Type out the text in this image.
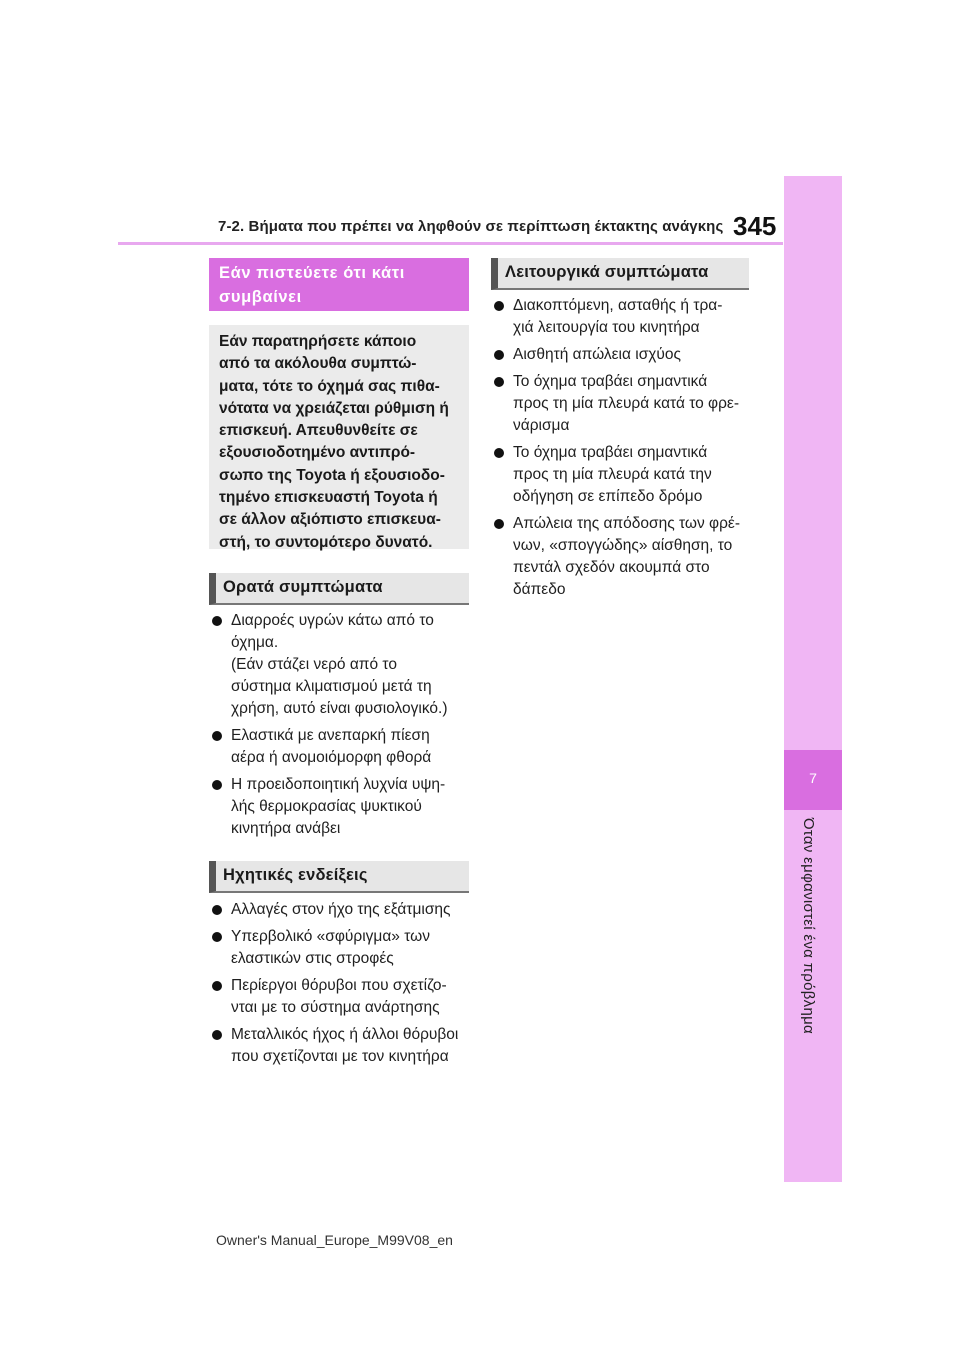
7-2. Βήματα που πρέπει να ληφθούν σε περίπτωση έκτακτης ανάγκης 345
7
Όταν εμφανιστεί ένα πρόβλημα
Εάν πιστεύετε ότι κάτι
συμβαίνει
Εάν παρατηρήσετε κάποιο
από τα ακόλουθα συμπτώ-
ματα, τότε το όχημά σας πιθα-
νότατα να χρειάζεται ρύθμιση ή
επισκευή. Απευθυνθείτε σε
εξουσιοδοτημένο αντιπρό-
σωπο της Toyota ή εξουσιοδο-
τημένο επισκευαστή Toyota ή
σε άλλον αξιόπιστο επισκευα-
στή, το συντομότερο δυνατό.
Ορατά συμπτώματα
Διαρροές υγρών κάτω από το
όχημα.
(Εάν στάζει νερό από το
σύστημα κλιματισμού μετά τη
χρήση, αυτό είναι φυσιολογικό.)
Ελαστικά με ανεπαρκή πίεση
αέρα ή ανομοιόμορφη φθορά
Η προειδοποιητική λυχνία υψη-
λής θερμοκρασίας ψυκτικού
κινητήρα ανάβει
Ηχητικές ενδείξεις
Αλλαγές στον ήχο της εξάτμισης
Υπερβολικό «σφύριγμα» των
ελαστικών στις στροφές
Περίεργοι θόρυβοι που σχετίζο-
νται με το σύστημα ανάρτησης
Μεταλλικός ήχος ή άλλοι θόρυβοι
που σχετίζονται με τον κινητήρα
Λειτουργικά συμπτώματα
Διακοπτόμενη, ασταθής ή τρα-
χιά λειτουργία του κινητήρα
Αισθητή απώλεια ισχύος
Το όχημα τραβάει σημαντικά
προς τη μία πλευρά κατά το φρε-
νάρισμα
Το όχημα τραβάει σημαντικά
προς τη μία πλευρά κατά την
οδήγηση σε επίπεδο δρόμο
Απώλεια της απόδοσης των φρέ-
νων, «σπογγώδης» αίσθηση, το
πεντάλ σχεδόν ακουμπά στο
δάπεδο
Owner's Manual_Europe_M99V08_en
